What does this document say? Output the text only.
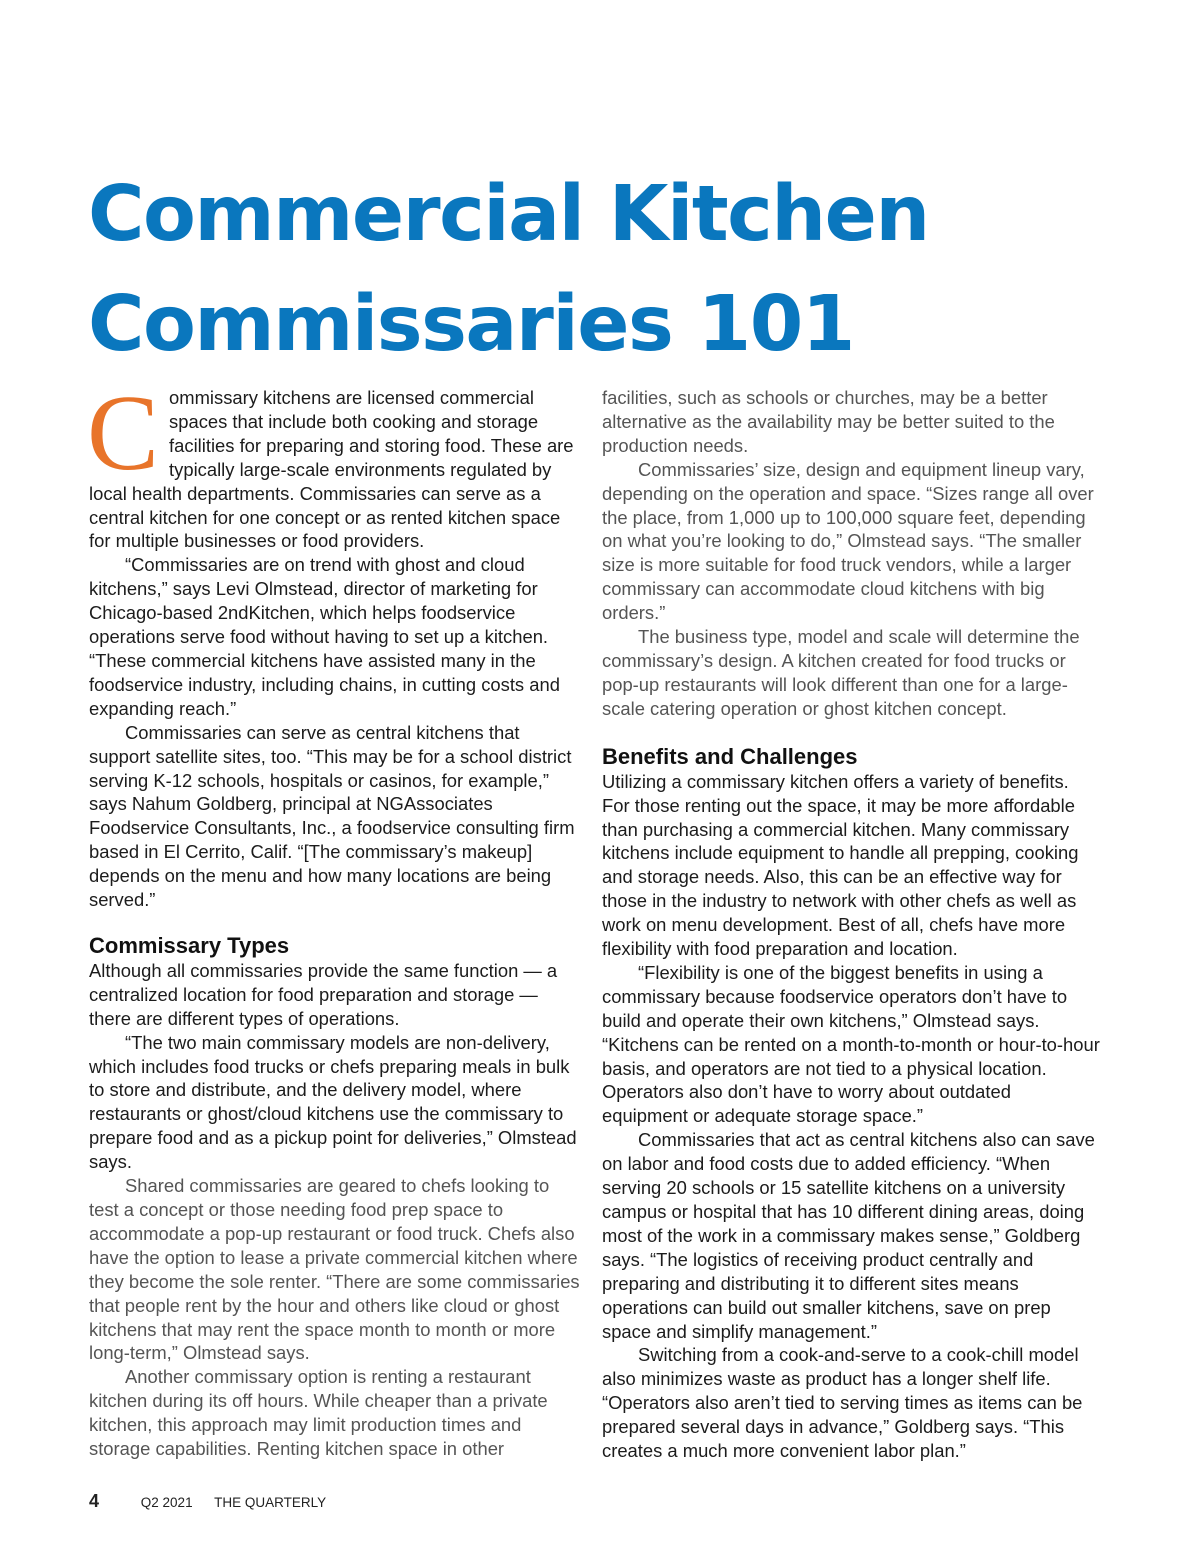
Commercial Kitchen
Commissaries 101

Commissary kitchens are licensed commercial spaces that include both cooking and storage facilities for preparing and storing food. These are typically large-scale environments regulated by local health departments. Commissaries can serve as a central kitchen for one concept or as rented kitchen space for multiple businesses or food providers.

“Commissaries are on trend with ghost and cloud kitchens,” says Levi Olmstead, director of marketing for Chicago-based 2ndKitchen, which helps foodservice operations serve food without having to set up a kitchen. “These commercial kitchens have assisted many in the foodservice industry, including chains, in cutting costs and expanding reach.”

Commissaries can serve as central kitchens that support satellite sites, too. “This may be for a school district serving K-12 schools, hospitals or casinos, for example,” says Nahum Goldberg, principal at NGAssociates Foodservice Consultants, Inc., a foodservice consulting firm based in El Cerrito, Calif. “[The commissary’s makeup] depends on the menu and how many locations are being served.”

Commissary Types

Although all commissaries provide the same function — a centralized location for food preparation and storage — there are different types of operations.

“The two main commissary models are non-delivery, which includes food trucks or chefs preparing meals in bulk to store and distribute, and the delivery model, where restaurants or ghost/cloud kitchens use the commissary to prepare food and as a pickup point for deliveries,” Olmstead says.

Shared commissaries are geared to chefs looking to test a concept or those needing food prep space to accommodate a pop-up restaurant or food truck. Chefs also have the option to lease a private commercial kitchen where they become the sole renter. “There are some commissaries that people rent by the hour and others like cloud or ghost kitchens that may rent the space month to month or more long-term,” Olmstead says.

Another commissary option is renting a restaurant kitchen during its off hours. While cheaper than a private kitchen, this approach may limit production times and storage capabilities. Renting kitchen space in other

facilities, such as schools or churches, may be a better alternative as the availability may be better suited to the production needs.

Commissaries’ size, design and equipment lineup vary, depending on the operation and space. “Sizes range all over the place, from 1,000 up to 100,000 square feet, depending on what you’re looking to do,” Olmstead says. “The smaller size is more suitable for food truck vendors, while a larger commissary can accommodate cloud kitchens with big orders.”

The business type, model and scale will determine the commissary’s design. A kitchen created for food trucks or pop-up restaurants will look different than one for a large-scale catering operation or ghost kitchen concept.

Benefits and Challenges

Utilizing a commissary kitchen offers a variety of benefits. For those renting out the space, it may be more affordable than purchasing a commercial kitchen. Many commissary kitchens include equipment to handle all prepping, cooking and storage needs. Also, this can be an effective way for those in the industry to network with other chefs as well as work on menu development. Best of all, chefs have more flexibility with food preparation and location.

“Flexibility is one of the biggest benefits in using a commissary because foodservice operators don’t have to build and operate their own kitchens,” Olmstead says. “Kitchens can be rented on a month-to-month or hour-to-hour basis, and operators are not tied to a physical location. Operators also don’t have to worry about outdated equipment or adequate storage space.”

Commissaries that act as central kitchens also can save on labor and food costs due to added efficiency. “When serving 20 schools or 15 satellite kitchens on a university campus or hospital that has 10 different dining areas, doing most of the work in a commissary makes sense,” Goldberg says. “The logistics of receiving product centrally and preparing and distributing it to different sites means operations can build out smaller kitchens, save on prep space and simplify management.”

Switching from a cook-and-serve to a cook-chill model also minimizes waste as product has a longer shelf life. “Operators also aren’t tied to serving times as items can be prepared several days in advance,” Goldberg says. “This creates a much more convenient labor plan.”

4	Q2 2021 THE QUARTERLY
